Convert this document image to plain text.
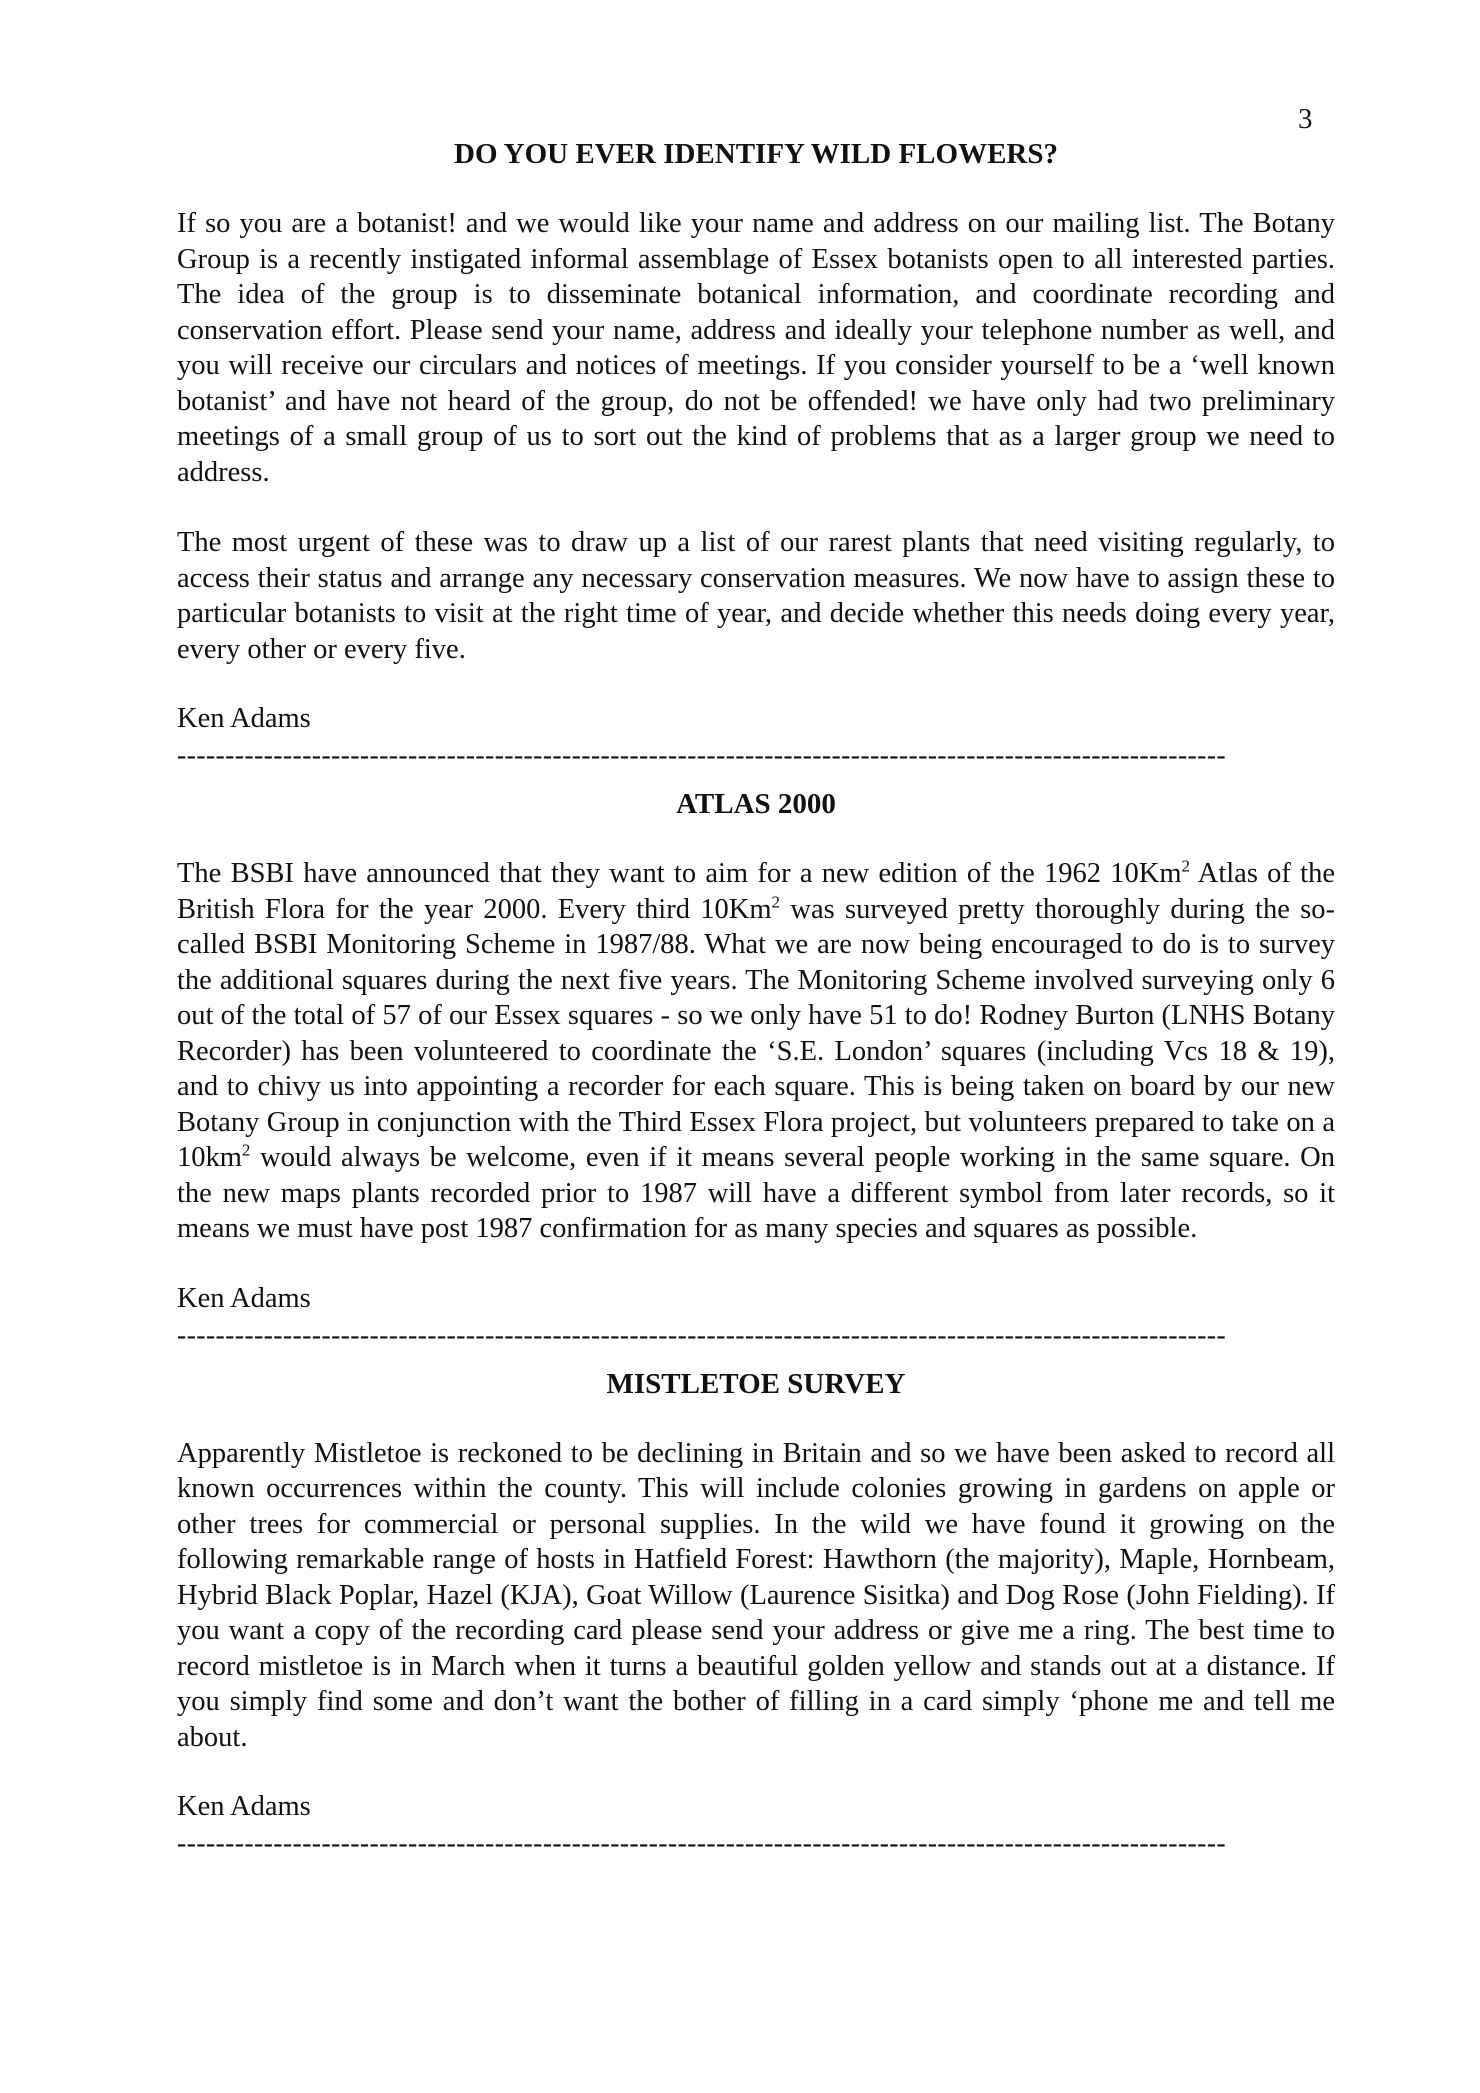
3
DO YOU EVER IDENTIFY WILD FLOWERS?

If so you are a botanist! and we would like your name and address on our mailing list. The Botany Group is a recently instigated informal assemblage of Essex botanists open to all interested parties. The idea of the group is to disseminate botanical information, and coordinate recording and conservation effort. Please send your name, address and ideally your telephone number as well, and you will receive our circulars and notices of meetings. If you consider yourself to be a ‘well known botanist’ and have not heard of the group, do not be offended! we have only had two preliminary meetings of a small group of us to sort out the kind of problems that as a larger group we need to address.

The most urgent of these was to draw up a list of our rarest plants that need visiting regularly, to access their status and arrange any necessary conservation measures. We now have to assign these to particular botanists to visit at the right time of year, and decide whether this needs doing every year, every other or every five.

Ken Adams

-------------------------------------------------------------------------------------------------------------

ATLAS 2000

The BSBI have announced that they want to aim for a new edition of the 1962 10Km$^2$ Atlas of the British Flora for the year 2000. Every third 10Km$^2$ was surveyed pretty thoroughly during the so-called BSBI Monitoring Scheme in 1987/88. What we are now being encouraged to do is to survey the additional squares during the next five years. The Monitoring Scheme involved surveying only 6 out of the total of 57 of our Essex squares - so we only have 51 to do! Rodney Burton (LNHS Botany Recorder) has been volunteered to coordinate the ‘S.E. London’ squares (including Vcs 18 & 19), and to chivy us into appointing a recorder for each square. This is being taken on board by our new Botany Group in conjunction with the Third Essex Flora project, but volunteers prepared to take on a $10km^2$ would always be welcome, even if it means several people working in the same square. On the new maps plants recorded prior to 1987 will have a different symbol from later records, so it means we must have post 1987 confirmation for as many species and squares as possible.

Ken Adams

-------------------------------------------------------------------------------------------------------------

MISTLETOE SURVEY

Apparently Mistletoe is reckoned to be declining in Britain and so we have been asked to record all known occurrences within the county. This will include colonies growing in gardens on apple or other trees for commercial or personal supplies. In the wild we have found it growing on the following remarkable range of hosts in Hatfield Forest: Hawthorn (the majority), Maple, Hornbeam, Hybrid Black Poplar, Hazel (KJA), Goat Willow (Laurence Sisitka) and Dog Rose (John Fielding). If you want a copy of the recording card please send your address or give me a ring. The best time to record mistletoe is in March when it turns a beautiful golden yellow and stands out at a distance. If you simply find some and don’t want the bother of filling in a card simply ‘phone me and tell me about.

Ken Adams

-------------------------------------------------------------------------------------------------------------
